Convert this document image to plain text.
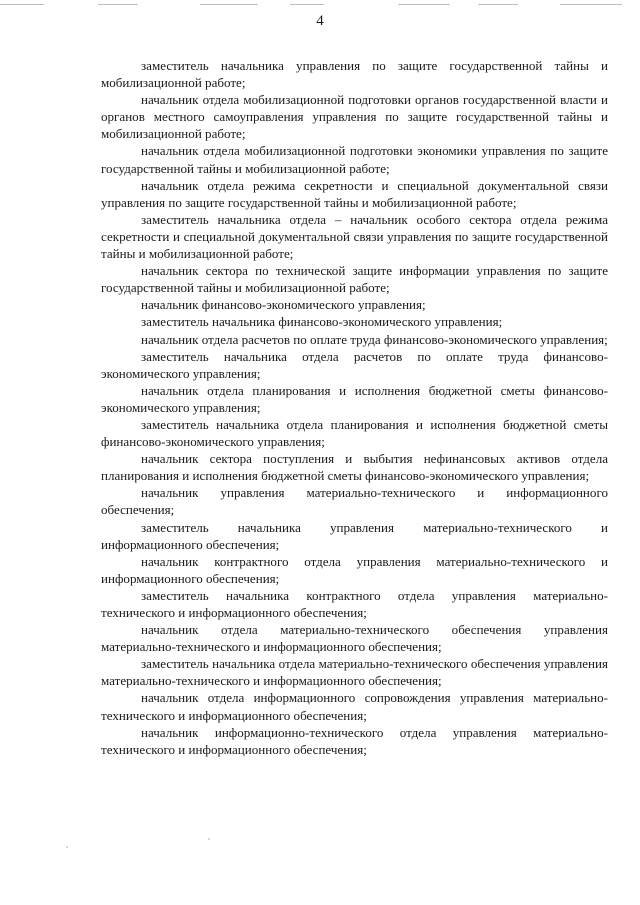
4

заместитель начальника управления по защите государственной тайны и мобилизационной работе;

начальник отдела мобилизационной подготовки органов государственной власти и органов местного самоуправления управления по защите государственной тайны и мобилизационной работе;

начальник отдела мобилизационной подготовки экономики управления по защите государственной тайны и мобилизационной работе;

начальник отдела режима секретности и специальной документальной связи управления по защите государственной тайны и мобилизационной работе;

заместитель начальника отдела – начальник особого сектора отдела режима секретности и специальной документальной связи управления по защите государственной тайны и мобилизационной работе;

начальник сектора по технической защите информации управления по защите государственной тайны и мобилизационной работе;

начальник финансово-экономического управления;

заместитель начальника финансово-экономического управления;

начальник отдела расчетов по оплате труда финансово-экономического управления;

заместитель начальника отдела расчетов по оплате труда финансово-экономического управления;

начальник отдела планирования и исполнения бюджетной сметы финансово-экономического управления;

заместитель начальника отдела планирования и исполнения бюджетной сметы финансово-экономического управления;

начальник сектора поступления и выбытия нефинансовых активов отдела планирования и исполнения бюджетной сметы финансово-экономического управления;

начальник управления материально-технического и информационного обеспечения;

заместитель начальника управления материально-технического и информационного обеспечения;

начальник контрактного отдела управления материально-технического и информационного обеспечения;

заместитель начальника контрактного отдела управления материально-технического и информационного обеспечения;

начальник отдела материально-технического обеспечения управления материально-технического и информационного обеспечения;

заместитель начальника отдела материально-технического обеспечения управления материально-технического и информационного обеспечения;

начальник отдела информационного сопровождения управления материально-технического и информационного обеспечения;

начальник информационно-технического отдела управления материально-технического и информационного обеспечения;
